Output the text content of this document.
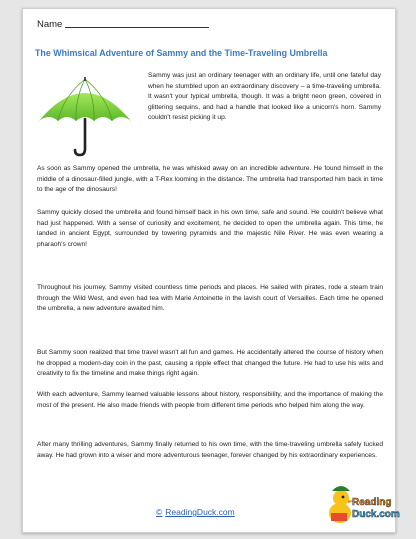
Name
The Whimsical Adventure of Sammy and the Time-Traveling Umbrella

Sammy was just an ordinary teenager with an ordinary life, until one fateful day when he stumbled upon an extraordinary discovery – a time-traveling umbrella. It wasn't your typical umbrella, though. It was a bright neon green, covered in glittering sequins, and had a handle that looked like a unicorn's horn. Sammy couldn't resist picking it up.

As soon as Sammy opened the umbrella, he was whisked away on an incredible adventure. He found himself in the middle of a dinosaur-filled jungle, with a T-Rex looming in the distance. The umbrella had transported him back in time to the age of the dinosaurs!

Sammy quickly closed the umbrella and found himself back in his own time, safe and sound. He couldn't believe what had just happened. With a sense of curiosity and excitement, he decided to open the umbrella again. This time, he landed in ancient Egypt, surrounded by towering pyramids and the majestic Nile River. He was even wearing a pharaoh's crown!

Throughout his journey, Sammy visited countless time periods and places. He sailed with pirates, rode a steam train through the Wild West, and even had tea with Marie Antoinette in the lavish court of Versailles. Each time he opened the umbrella, a new adventure awaited him.

But Sammy soon realized that time travel wasn't all fun and games. He accidentally altered the course of history when he dropped a modern-day coin in the past, causing a ripple effect that changed the future. He had to use his wits and creativity to fix the timeline and make things right again.

With each adventure, Sammy learned valuable lessons about history, responsibility, and the importance of making the most of the present. He also made friends with people from different time periods who helped him along the way.

After many thrilling adventures, Sammy finally returned to his own time, with the time-traveling umbrella safely tucked away. He had grown into a wiser and more adventurous teenager, forever changed by his extraordinary experiences.

© ReadingDuck.com
Reading
Duck.com
